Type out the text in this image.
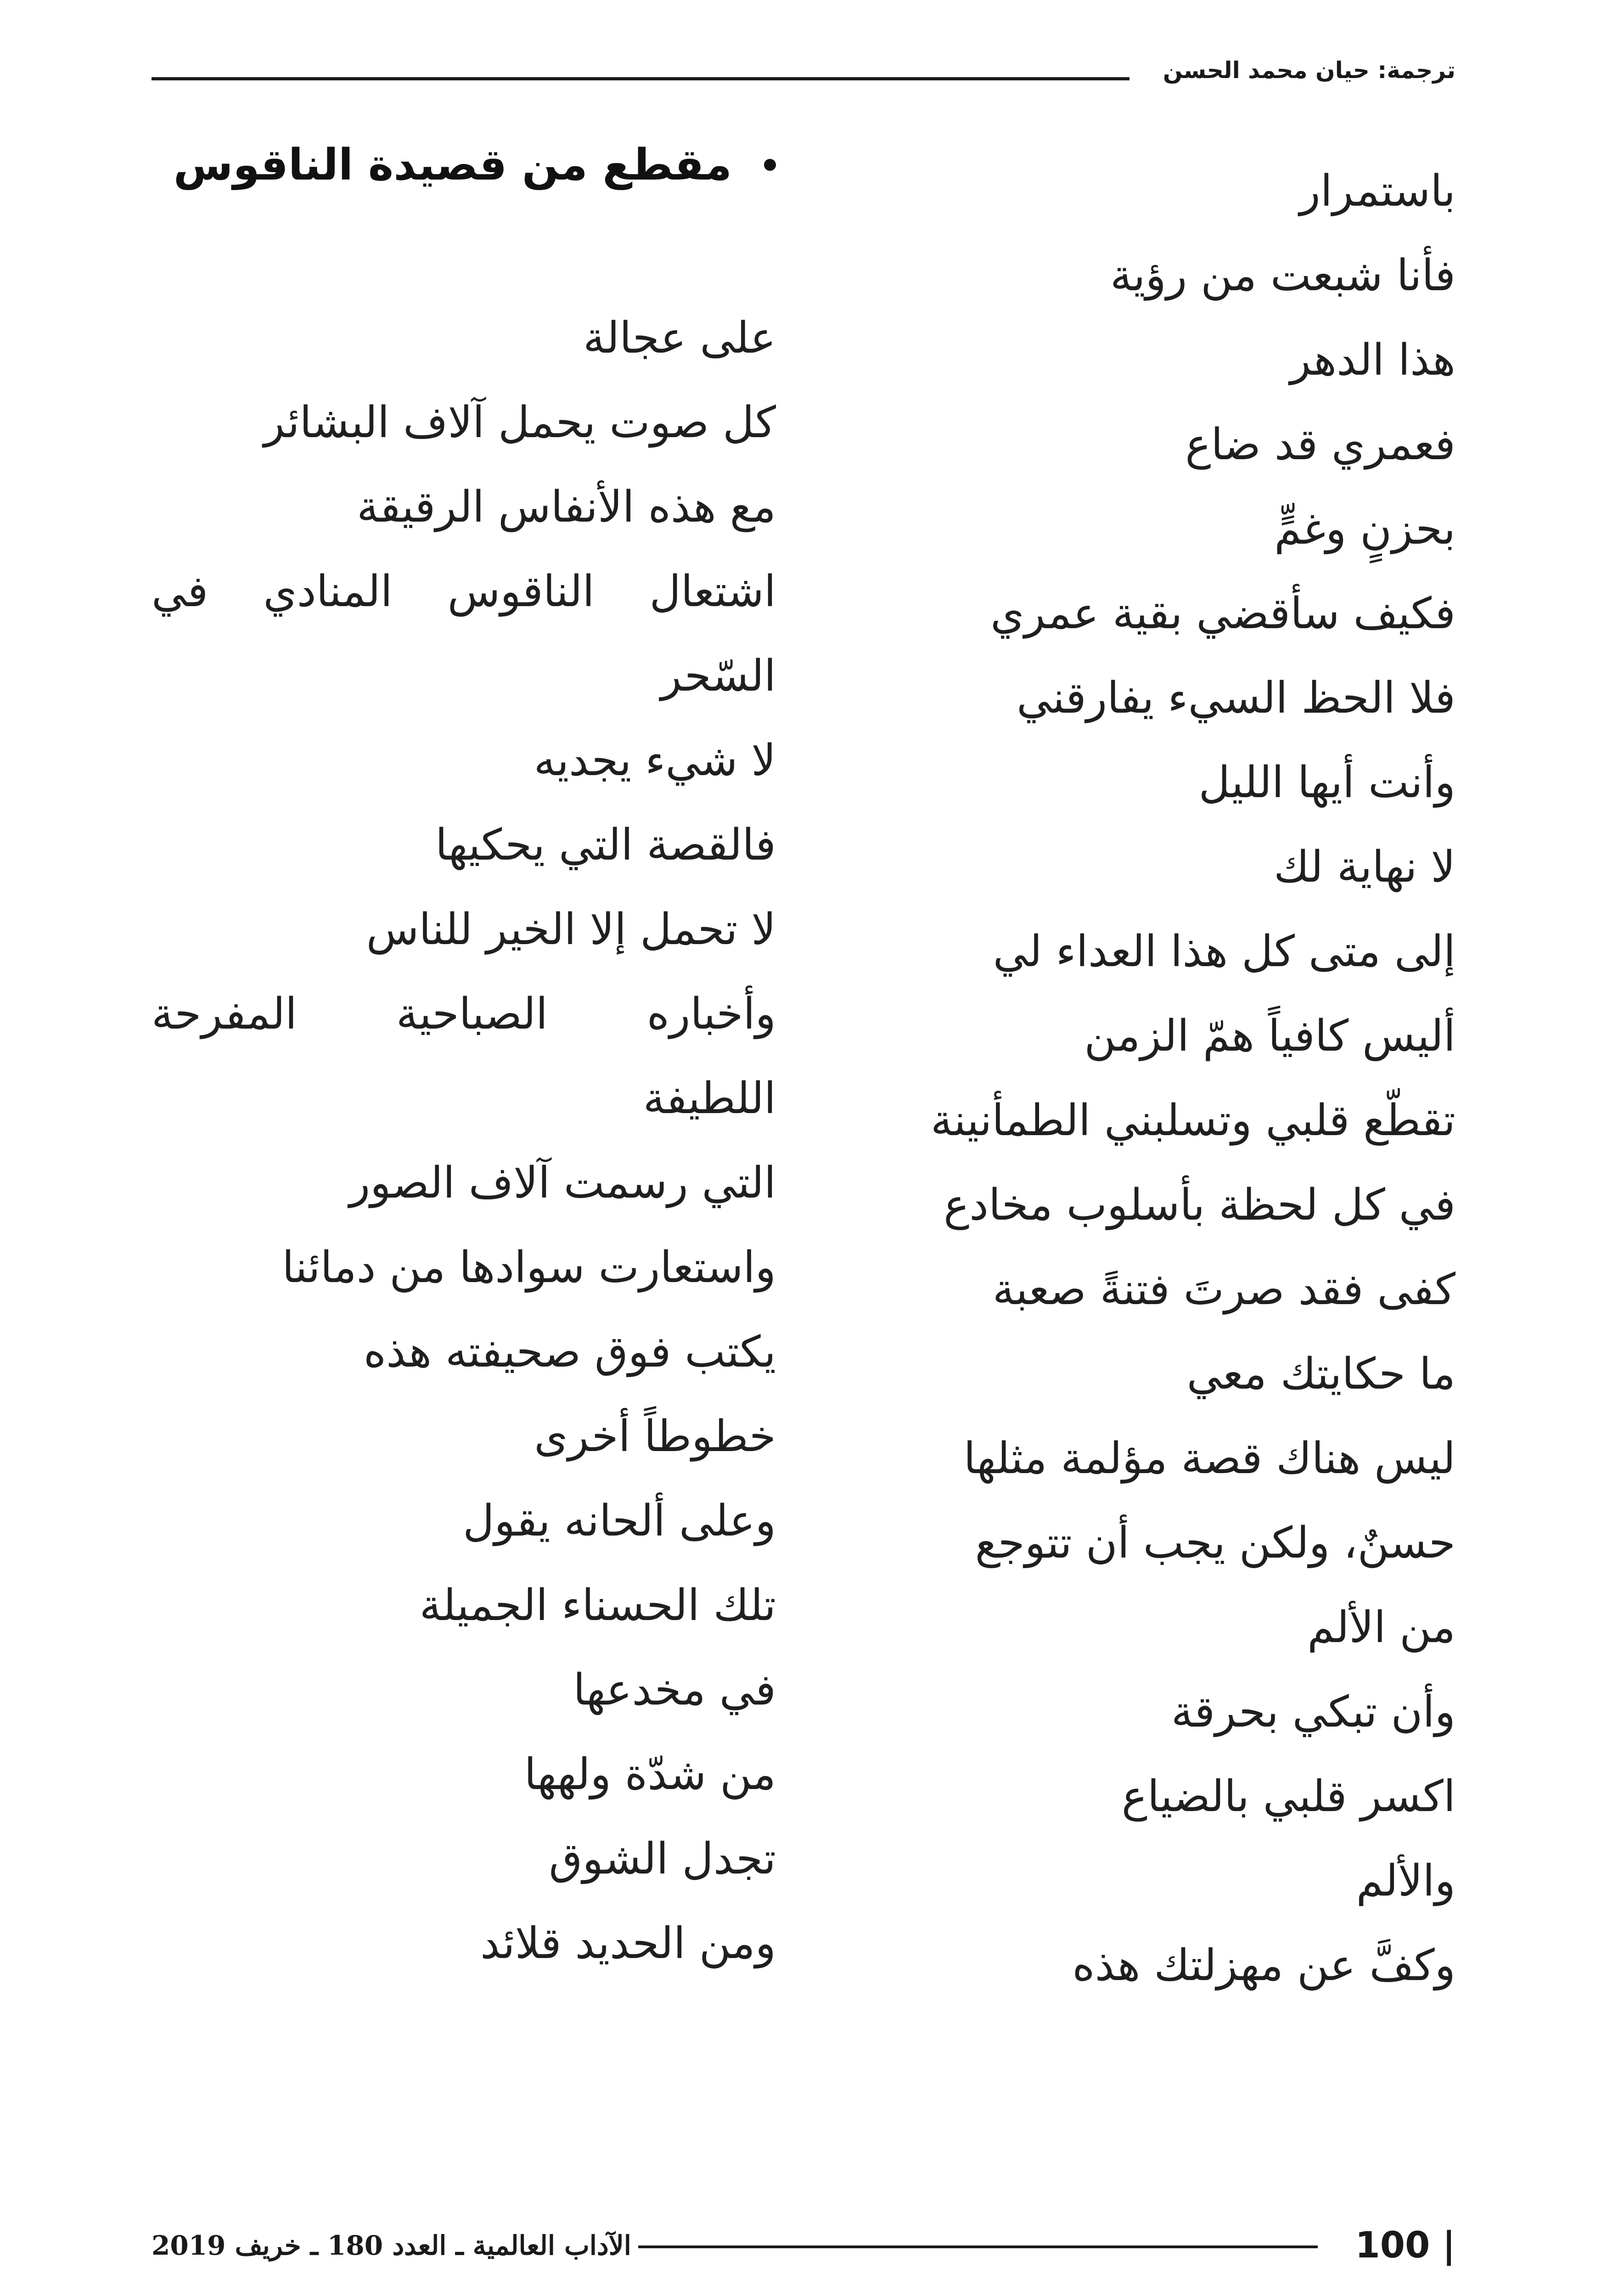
ترجمة: حيان محمد الحسن
مقطع من قصيدة الناقوس
باستمرار
فأنا شبعت من رؤية
هذا الدهر
فعمري قد ضاع
بحزنٍ وغمٍّ
فكيف سأقضي بقية عمري
فلا الحظ السيء يفارقني
وأنت أيها الليل
لا نهاية لك
إلى متى كل هذا العداء لي
أليس كافياً همّ الزمن
تقطّع قلبي وتسلبني الطمأنينة
في كل لحظة بأسلوب مخادع
كفى فقد صرتَ فتنةً صعبة
ما حكايتك معي
ليس هناك قصة مؤلمة مثلها
حسنٌ، ولكن يجب أن تتوجع
من الألم
وأن تبكي بحرقة
اكسر قلبي بالضياع
والألم
وكفَّ عن مهزلتك هذه
على عجالة
كل صوت يحمل آلاف البشائر
مع هذه الأنفاس الرقيقة
اشتعال
الناقوس
المنادي
في
السّحر
لا شيء يجديه
فالقصة التي يحكيها
لا تحمل إلا الخير للناس
وأخباره
الصباحية
المفرحة
اللطيفة
التي رسمت آلاف الصور
واستعارت سوادها من دمائنا
يكتب فوق صحيفته هذه
خطوطاً أخرى
وعلى ألحانه يقول
تلك الحسناء الجميلة
في مخدعها
من شدّة ولهها
تجدل الشوق
ومن الحديد قلائد
100 |
الآداب العالمية ـ العدد 180 ـ خريف 2019
